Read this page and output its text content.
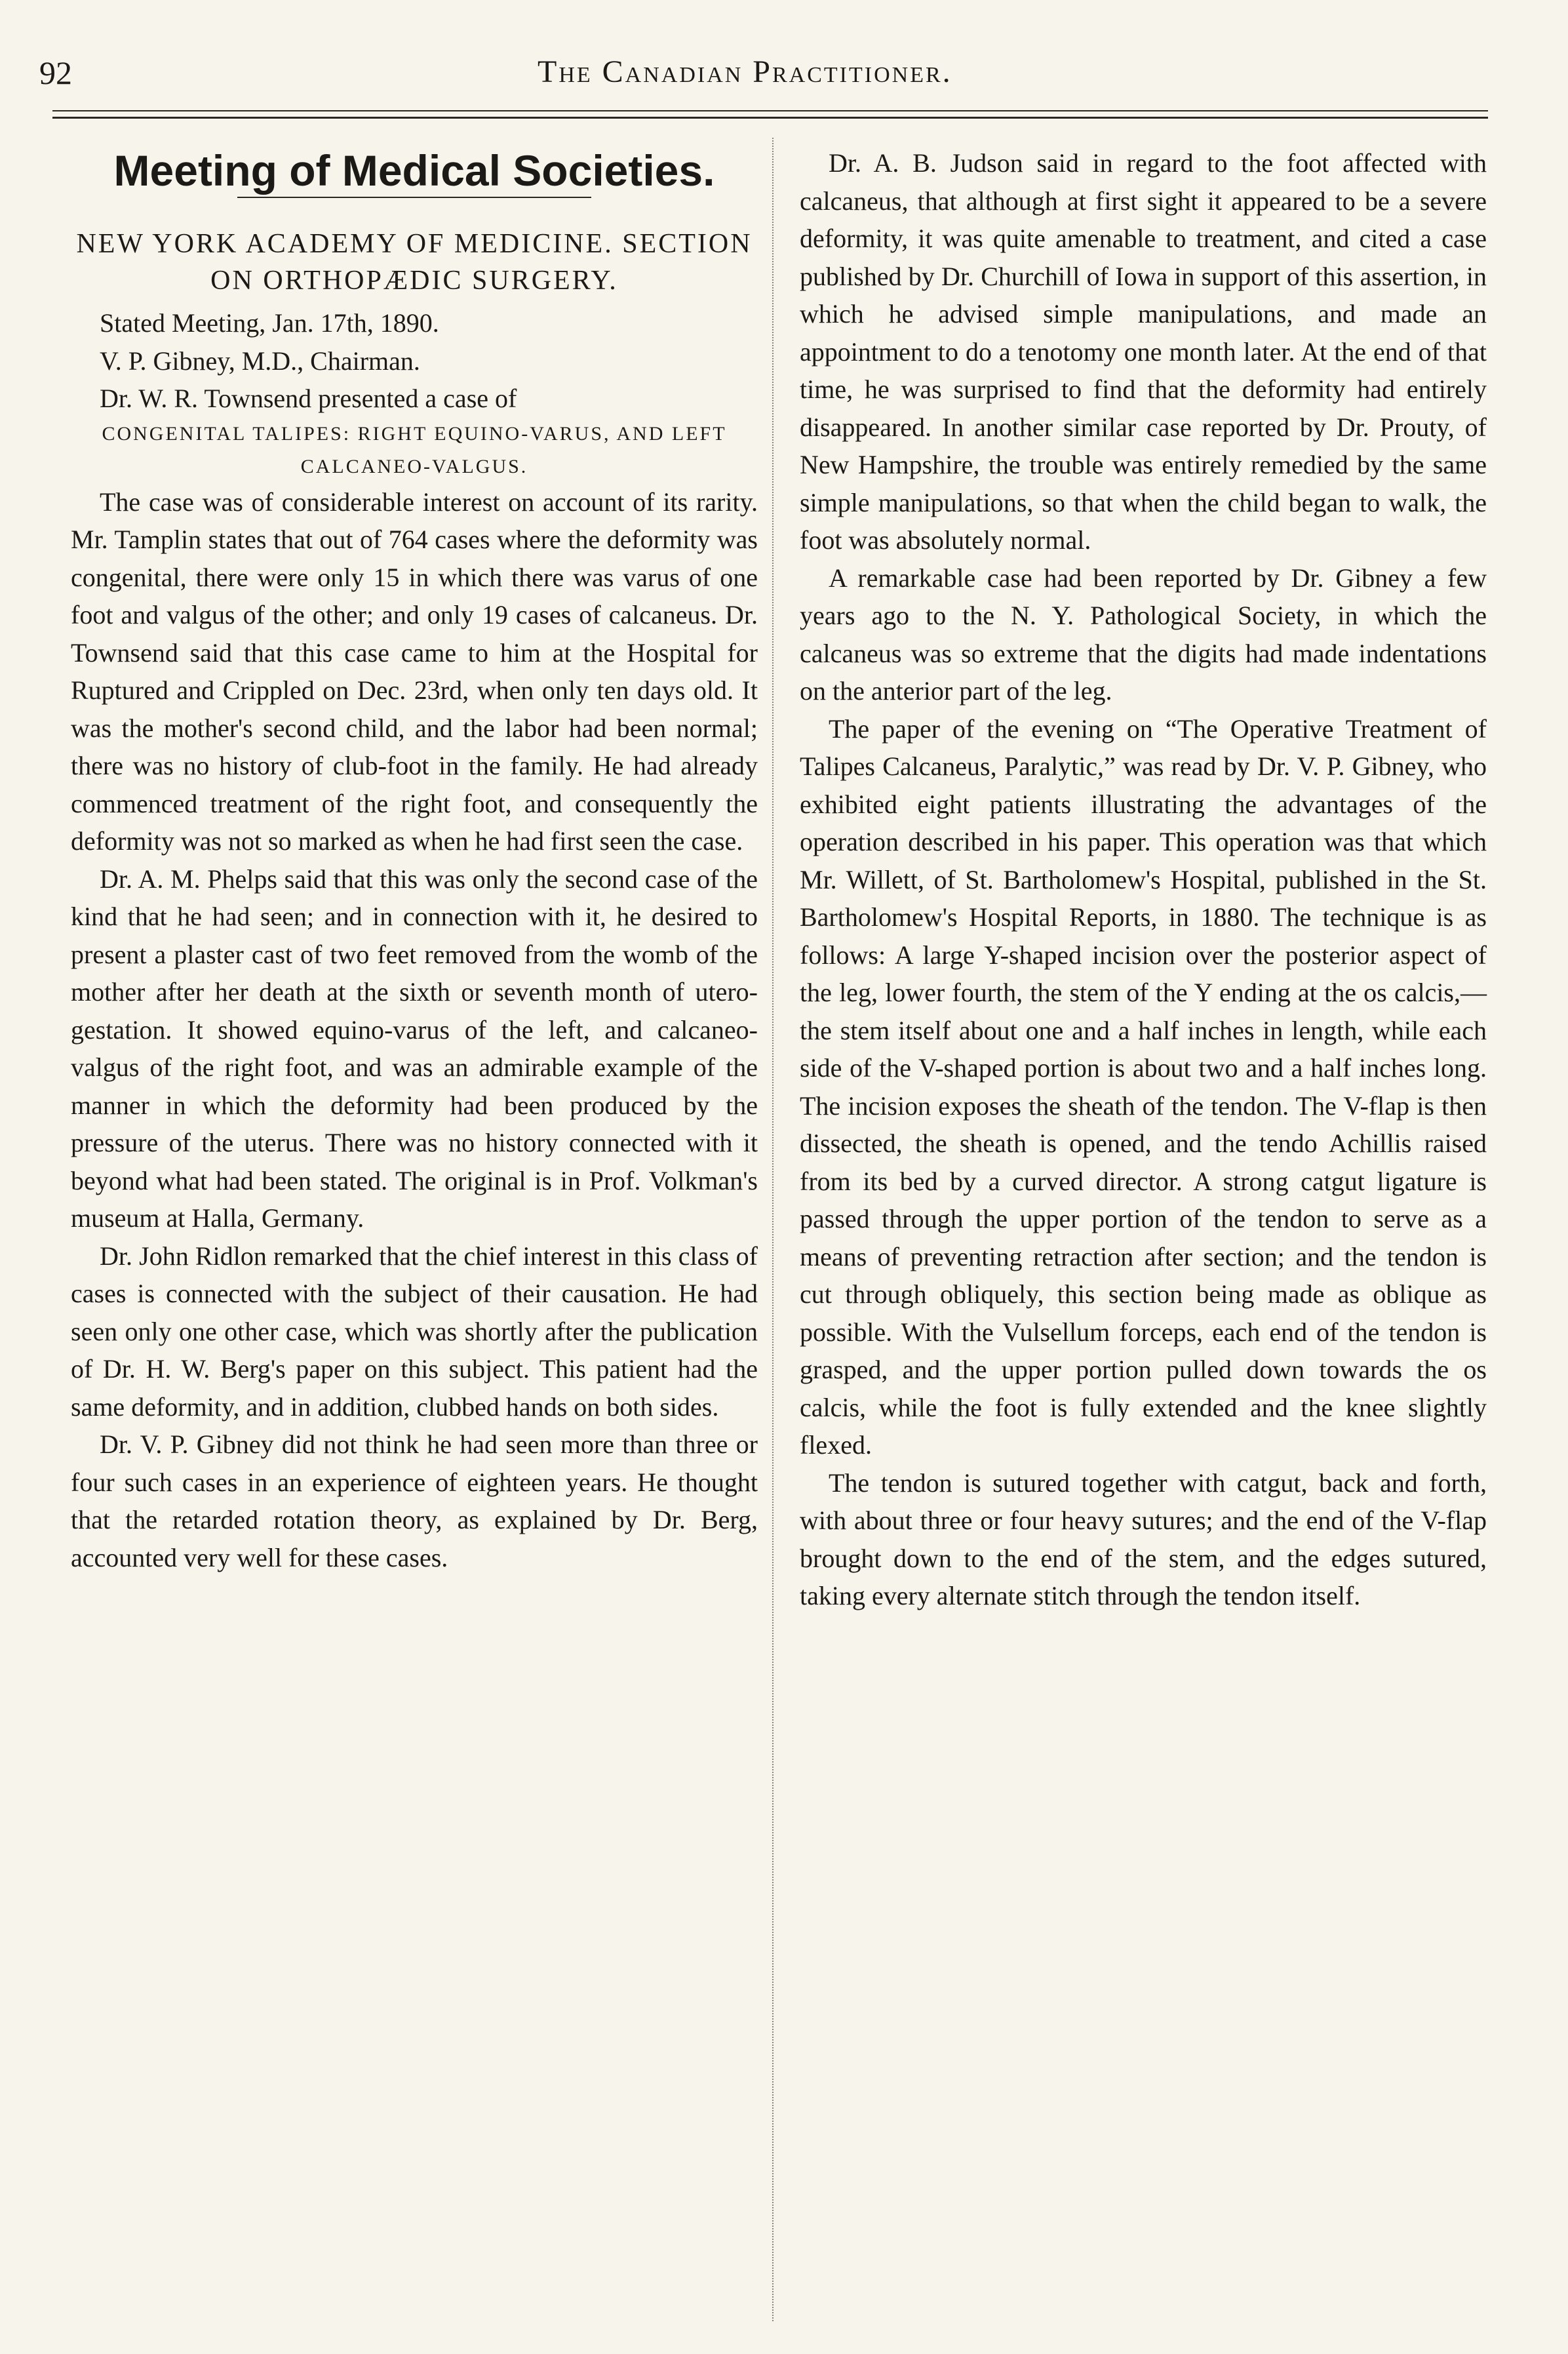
92	The Canadian Practitioner.

Meeting of Medical Societies.

NEW YORK ACADEMY OF MEDICINE. SECTION ON ORTHOPÆDIC SURGERY.

Stated Meeting, Jan. 17th, 1890.

V. P. Gibney, M.D., Chairman.

Dr. W. R. Townsend presented a case of

CONGENITAL TALIPES: RIGHT EQUINO-VARUS, AND LEFT CALCANEO-VALGUS.

The case was of considerable interest on account of its rarity. Mr. Tamplin states that out of 764 cases where the deformity was congenital, there were only 15 in which there was varus of one foot and valgus of the other; and only 19 cases of calcaneus. Dr. Townsend said that this case came to him at the Hospital for Ruptured and Crippled on Dec. 23rd, when only ten days old. It was the mother's second child, and the labor had been normal; there was no history of club-foot in the family. He had already commenced treatment of the right foot, and consequently the deformity was not so marked as when he had first seen the case.

Dr. A. M. Phelps said that this was only the second case of the kind that he had seen; and in connection with it, he desired to present a plaster cast of two feet removed from the womb of the mother after her death at the sixth or seventh month of utero-gestation. It showed equino-varus of the left, and calcaneo-valgus of the right foot, and was an admirable example of the manner in which the deformity had been produced by the pressure of the uterus. There was no history connected with it beyond what had been stated. The original is in Prof. Volkman's museum at Halla, Germany.

Dr. John Ridlon remarked that the chief interest in this class of cases is connected with the subject of their causation. He had seen only one other case, which was shortly after the publication of Dr. H. W. Berg's paper on this subject. This patient had the same deformity, and in addition, clubbed hands on both sides.

Dr. V. P. Gibney did not think he had seen more than three or four such cases in an experience of eighteen years. He thought that the retarded rotation theory, as explained by Dr. Berg, accounted very well for these cases.

Dr. A. B. Judson said in regard to the foot affected with calcaneus, that although at first sight it appeared to be a severe deformity, it was quite amenable to treatment, and cited a case published by Dr. Churchill of Iowa in support of this assertion, in which he advised simple manipulations, and made an appointment to do a tenotomy one month later. At the end of that time, he was surprised to find that the deformity had entirely disappeared. In another similar case reported by Dr. Prouty, of New Hampshire, the trouble was entirely remedied by the same simple manipulations, so that when the child began to walk, the foot was absolutely normal.

A remarkable case had been reported by Dr. Gibney a few years ago to the N. Y. Pathological Society, in which the calcaneus was so extreme that the digits had made indentations on the anterior part of the leg.

The paper of the evening on “The Operative Treatment of Talipes Calcaneus, Paralytic,” was read by Dr. V. P. Gibney, who exhibited eight patients illustrating the advantages of the operation described in his paper. This operation was that which Mr. Willett, of St. Bartholomew's Hospital, published in the St. Bartholomew's Hospital Reports, in 1880. The technique is as follows: A large Y-shaped incision over the posterior aspect of the leg, lower fourth, the stem of the Y ending at the os calcis,—the stem itself about one and a half inches in length, while each side of the V-shaped portion is about two and a half inches long. The incision exposes the sheath of the tendon. The V-flap is then dissected, the sheath is opened, and the tendo Achillis raised from its bed by a curved director. A strong catgut ligature is passed through the upper portion of the tendon to serve as a means of preventing retraction after section; and the tendon is cut through obliquely, this section being made as oblique as possible. With the Vulsellum forceps, each end of the tendon is grasped, and the upper portion pulled down towards the os calcis, while the foot is fully extended and the knee slightly flexed.

The tendon is sutured together with catgut, back and forth, with about three or four heavy sutures; and the end of the V-flap brought down to the end of the stem, and the edges sutured, taking every alternate stitch through the tendon itself.
